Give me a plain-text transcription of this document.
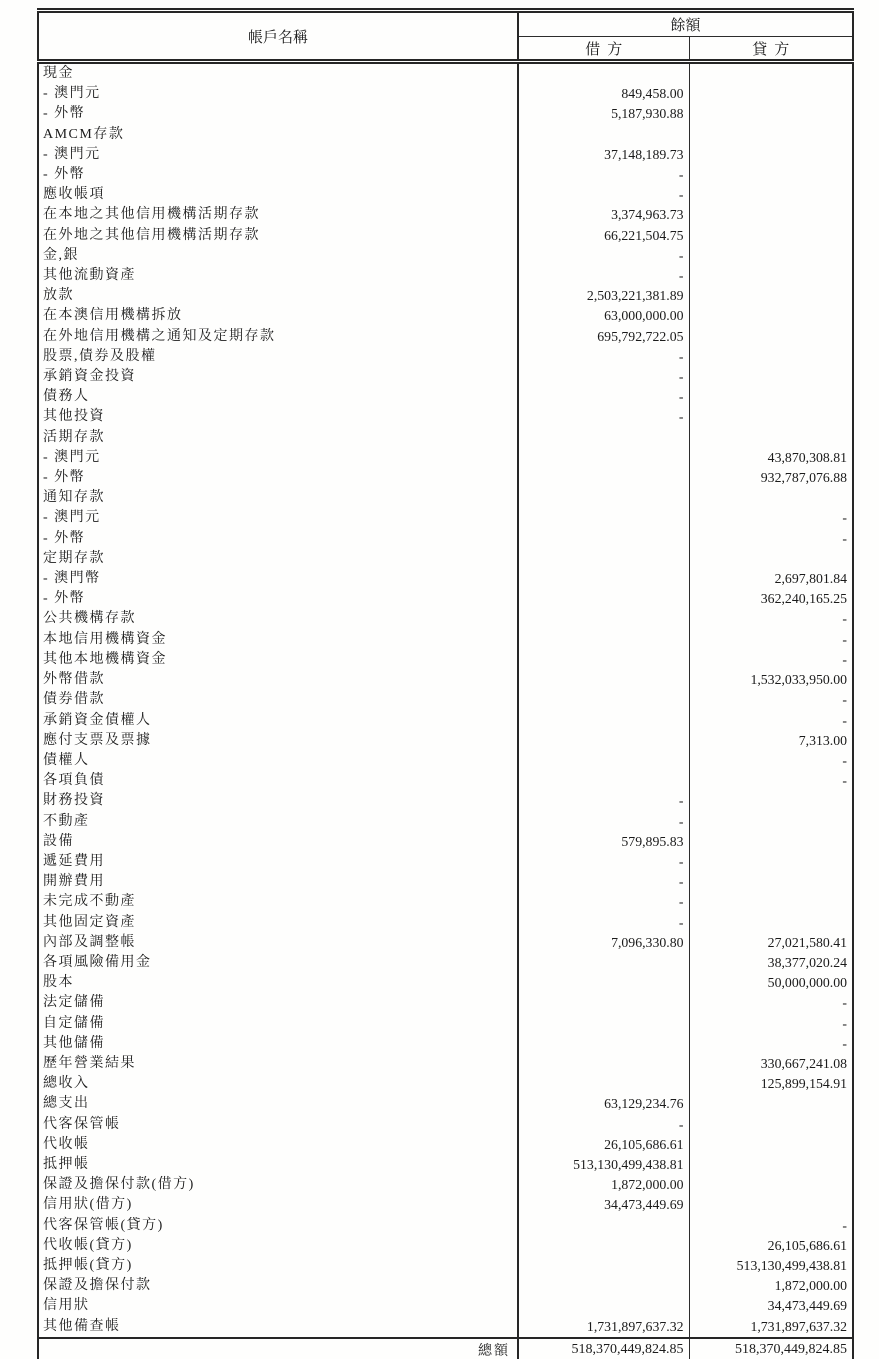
帳戶名稱	餘額	
	借方	貸方
現金		
- 澳門元	849,458.00	
- 外幣	5,187,930.88	
AMCM存款		
- 澳門元	37,148,189.73	
- 外幣	-	
應收帳項	-	
在本地之其他信用機構活期存款	3,374,963.73	
在外地之其他信用機構活期存款	66,221,504.75	
金,銀	-	
其他流動資產	-	
放款	2,503,221,381.89	
在本澳信用機構拆放	63,000,000.00	
在外地信用機構之通知及定期存款	695,792,722.05	
股票,債券及股權	-	
承銷資金投資	-	
債務人	-	
其他投資	-	
活期存款		
- 澳門元		43,870,308.81
- 外幣		932,787,076.88
通知存款		
- 澳門元		-
- 外幣		-
定期存款		
- 澳門幣		2,697,801.84
- 外幣		362,240,165.25
公共機構存款		-
本地信用機構資金		-
其他本地機構資金		-
外幣借款		1,532,033,950.00
債券借款		-
承銷資金債權人		-
應付支票及票據		7,313.00
債權人		-
各項負債		-
財務投資	-	
不動產	-	
設備	579,895.83	
遞延費用	-	
開辦費用	-	
未完成不動產	-	
其他固定資產	-	
內部及調整帳	7,096,330.80	27,021,580.41
各項風險備用金		38,377,020.24
股本		50,000,000.00
法定儲備		-
自定儲備		-
其他儲備		-
歷年營業結果		330,667,241.08
總收入		125,899,154.91
總支出	63,129,234.76	
代客保管帳	-	
代收帳	26,105,686.61	
抵押帳	513,130,499,438.81	
保證及擔保付款(借方)	1,872,000.00	
信用狀(借方)	34,473,449.69	
代客保管帳(貸方)		-
代收帳(貸方)		26,105,686.61
抵押帳(貸方)		513,130,499,438.81
保證及擔保付款		1,872,000.00
信用狀		34,473,449.69
其他備查帳	1,731,897,637.32	1,731,897,637.32
總額	518,370,449,824.85	518,370,449,824.85
